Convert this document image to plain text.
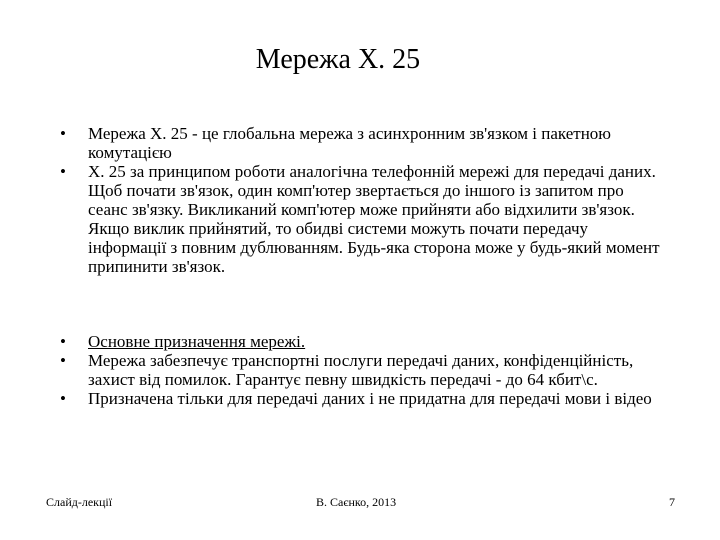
Мережа Х. 25
•	Мережа Х. 25 - це глобальна мережа з асинхронним зв'язком і пакетною комутацією
•	Х. 25 за принципом роботи аналогічна телефонній мережі для передачі даних. Щоб почати зв'язок, один комп'ютер звертається до іншого із запитом про сеанс зв'язку. Викликаний комп'ютер може прийняти або відхилити зв'язок. Якщо виклик прийнятий, то обидві системи можуть почати передачу інформації з повним дублюванням. Будь-яка сторона може у будь-який момент припинити зв'язок.
•	Основне призначення мережі.
•	Мережа забезпечує транспортні послуги передачі даних, конфіденційність, захист від помилок. Гарантує певну швидкість передачі - до 64 кбит\с.
•	Призначена тільки для передачі даних і не придатна для передачі мови і відео
Слайд-лекції	В. Саєнко, 2013	7
